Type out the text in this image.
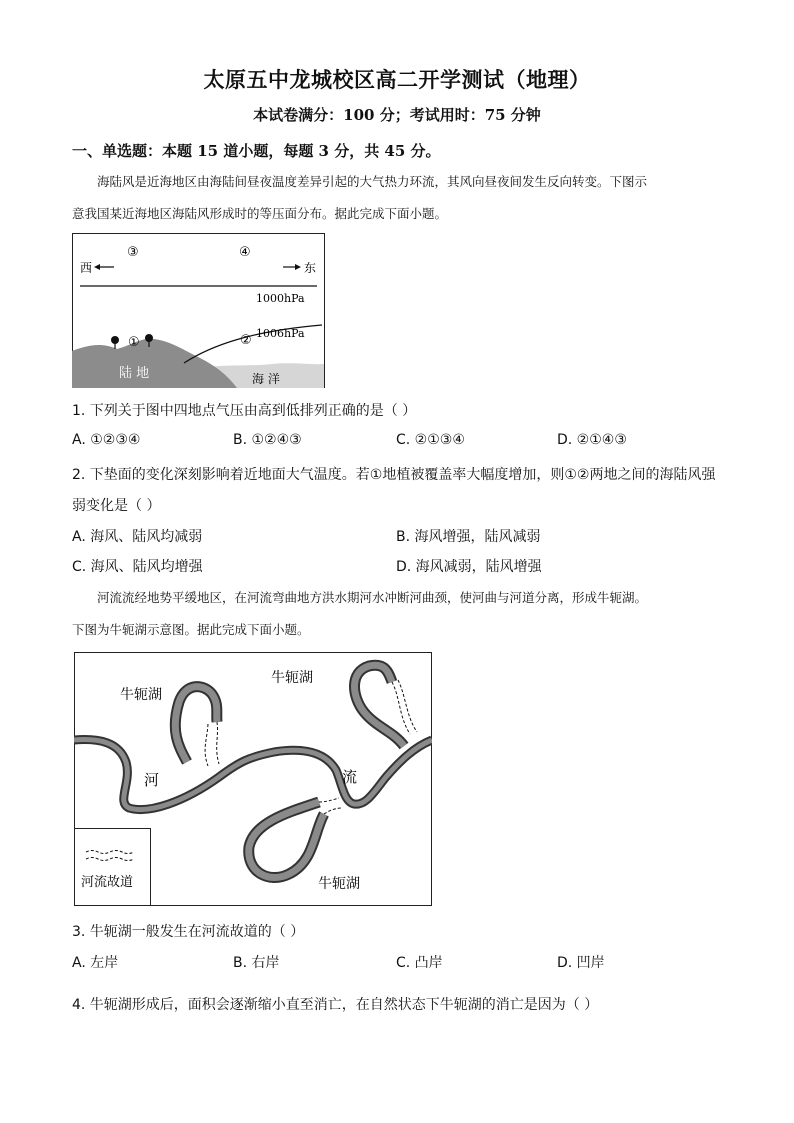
太原五中龙城校区高二开学测试（地理）
本试卷满分：100 分；考试用时：75 分钟
一、单选题：本题 15 道小题，每题 3 分，共 45 分。
海陆风是近海地区由海陆间昼夜温度差异引起的大气热力环流，其风向昼夜间发生反向转变。下图示
意我国某近海地区海陆风形成时的等压面分布。据此完成下面小题。
③	④
西	东
1000hPa
1006hPa
①	②
陆 地	海 洋
1. 下列关于图中四地点气压由高到低排列正确的是（ ）
A. ①②③④	B. ①②④③	C. ②①③④	D. ②①④③
2. 下垫面的变化深刻影响着近地面大气温度。若①地植被覆盖率大幅度增加，则①②两地之间的海陆风强
弱变化是（ ）
A. 海风、陆风均减弱	B. 海风增强，陆风减弱
C. 海风、陆风均增强	D. 海风减弱，陆风增强
河流流经地势平缓地区，在河流弯曲地方洪水期河水冲断河曲颈，使河曲与河道分离，形成牛轭湖。
下图为牛轭湖示意图。据此完成下面小题。
河流故道
牛轭湖
牛轭湖
牛轭湖
河	流
3. 牛轭湖一般发生在河流故道的（ ）
A. 左岸	B. 右岸	C. 凸岸	D. 凹岸
4. 牛轭湖形成后，面积会逐渐缩小直至消亡，在自然状态下牛轭湖的消亡是因为（ ）
